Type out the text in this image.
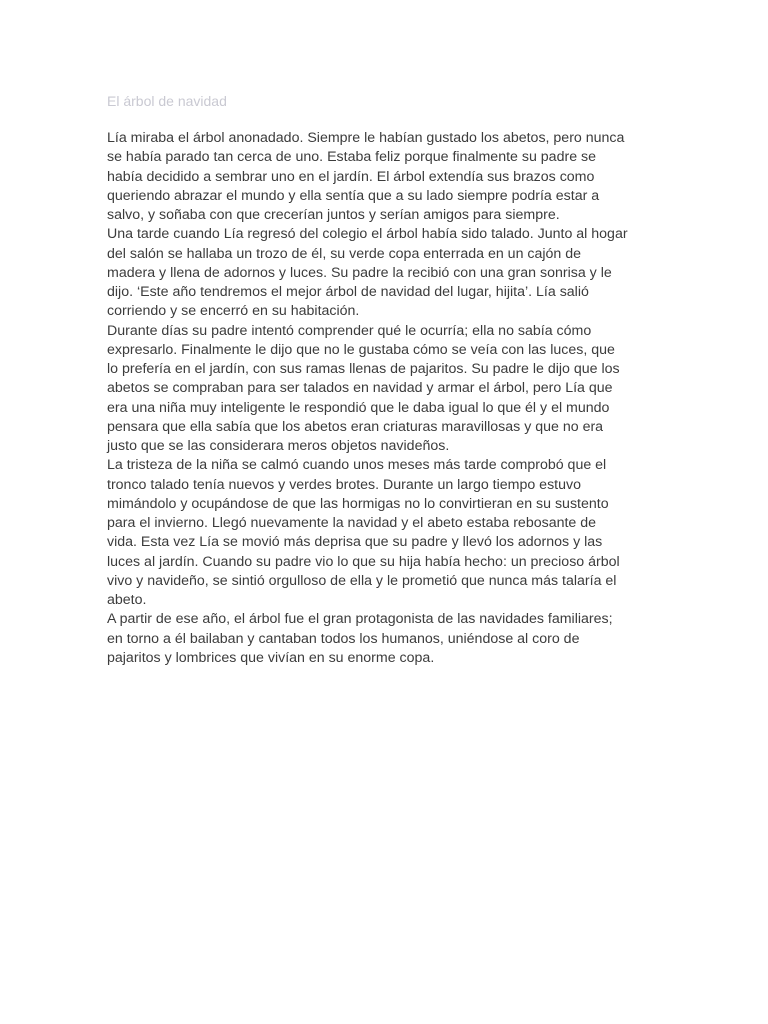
El árbol de navidad
Lía miraba el árbol anonadado. Siempre le habían gustado los abetos, pero nunca
se había parado tan cerca de uno. Estaba feliz porque finalmente su padre se
había decidido a sembrar uno en el jardín. El árbol extendía sus brazos como
queriendo abrazar el mundo y ella sentía que a su lado siempre podría estar a
salvo, y soñaba con que crecerían juntos y serían amigos para siempre.
Una tarde cuando Lía regresó del colegio el árbol había sido talado. Junto al hogar
del salón se hallaba un trozo de él, su verde copa enterrada en un cajón de
madera y llena de adornos y luces. Su padre la recibió con una gran sonrisa y le
dijo. ‘Este año tendremos el mejor árbol de navidad del lugar, hijita’. Lía salió
corriendo y se encerró en su habitación.
Durante días su padre intentó comprender qué le ocurría; ella no sabía cómo
expresarlo. Finalmente le dijo que no le gustaba cómo se veía con las luces, que
lo prefería en el jardín, con sus ramas llenas de pajaritos. Su padre le dijo que los
abetos se compraban para ser talados en navidad y armar el árbol, pero Lía que
era una niña muy inteligente le respondió que le daba igual lo que él y el mundo
pensara que ella sabía que los abetos eran criaturas maravillosas y que no era
justo que se las considerara meros objetos navideños.
La tristeza de la niña se calmó cuando unos meses más tarde comprobó que el
tronco talado tenía nuevos y verdes brotes. Durante un largo tiempo estuvo
mimándolo y ocupándose de que las hormigas no lo convirtieran en su sustento
para el invierno. Llegó nuevamente la navidad y el abeto estaba rebosante de
vida. Esta vez Lía se movió más deprisa que su padre y llevó los adornos y las
luces al jardín. Cuando su padre vio lo que su hija había hecho: un precioso árbol
vivo y navideño, se sintió orgulloso de ella y le prometió que nunca más talaría el
abeto.
A partir de ese año, el árbol fue el gran protagonista de las navidades familiares;
en torno a él bailaban y cantaban todos los humanos, uniéndose al coro de
pajaritos y lombrices que vivían en su enorme copa.
